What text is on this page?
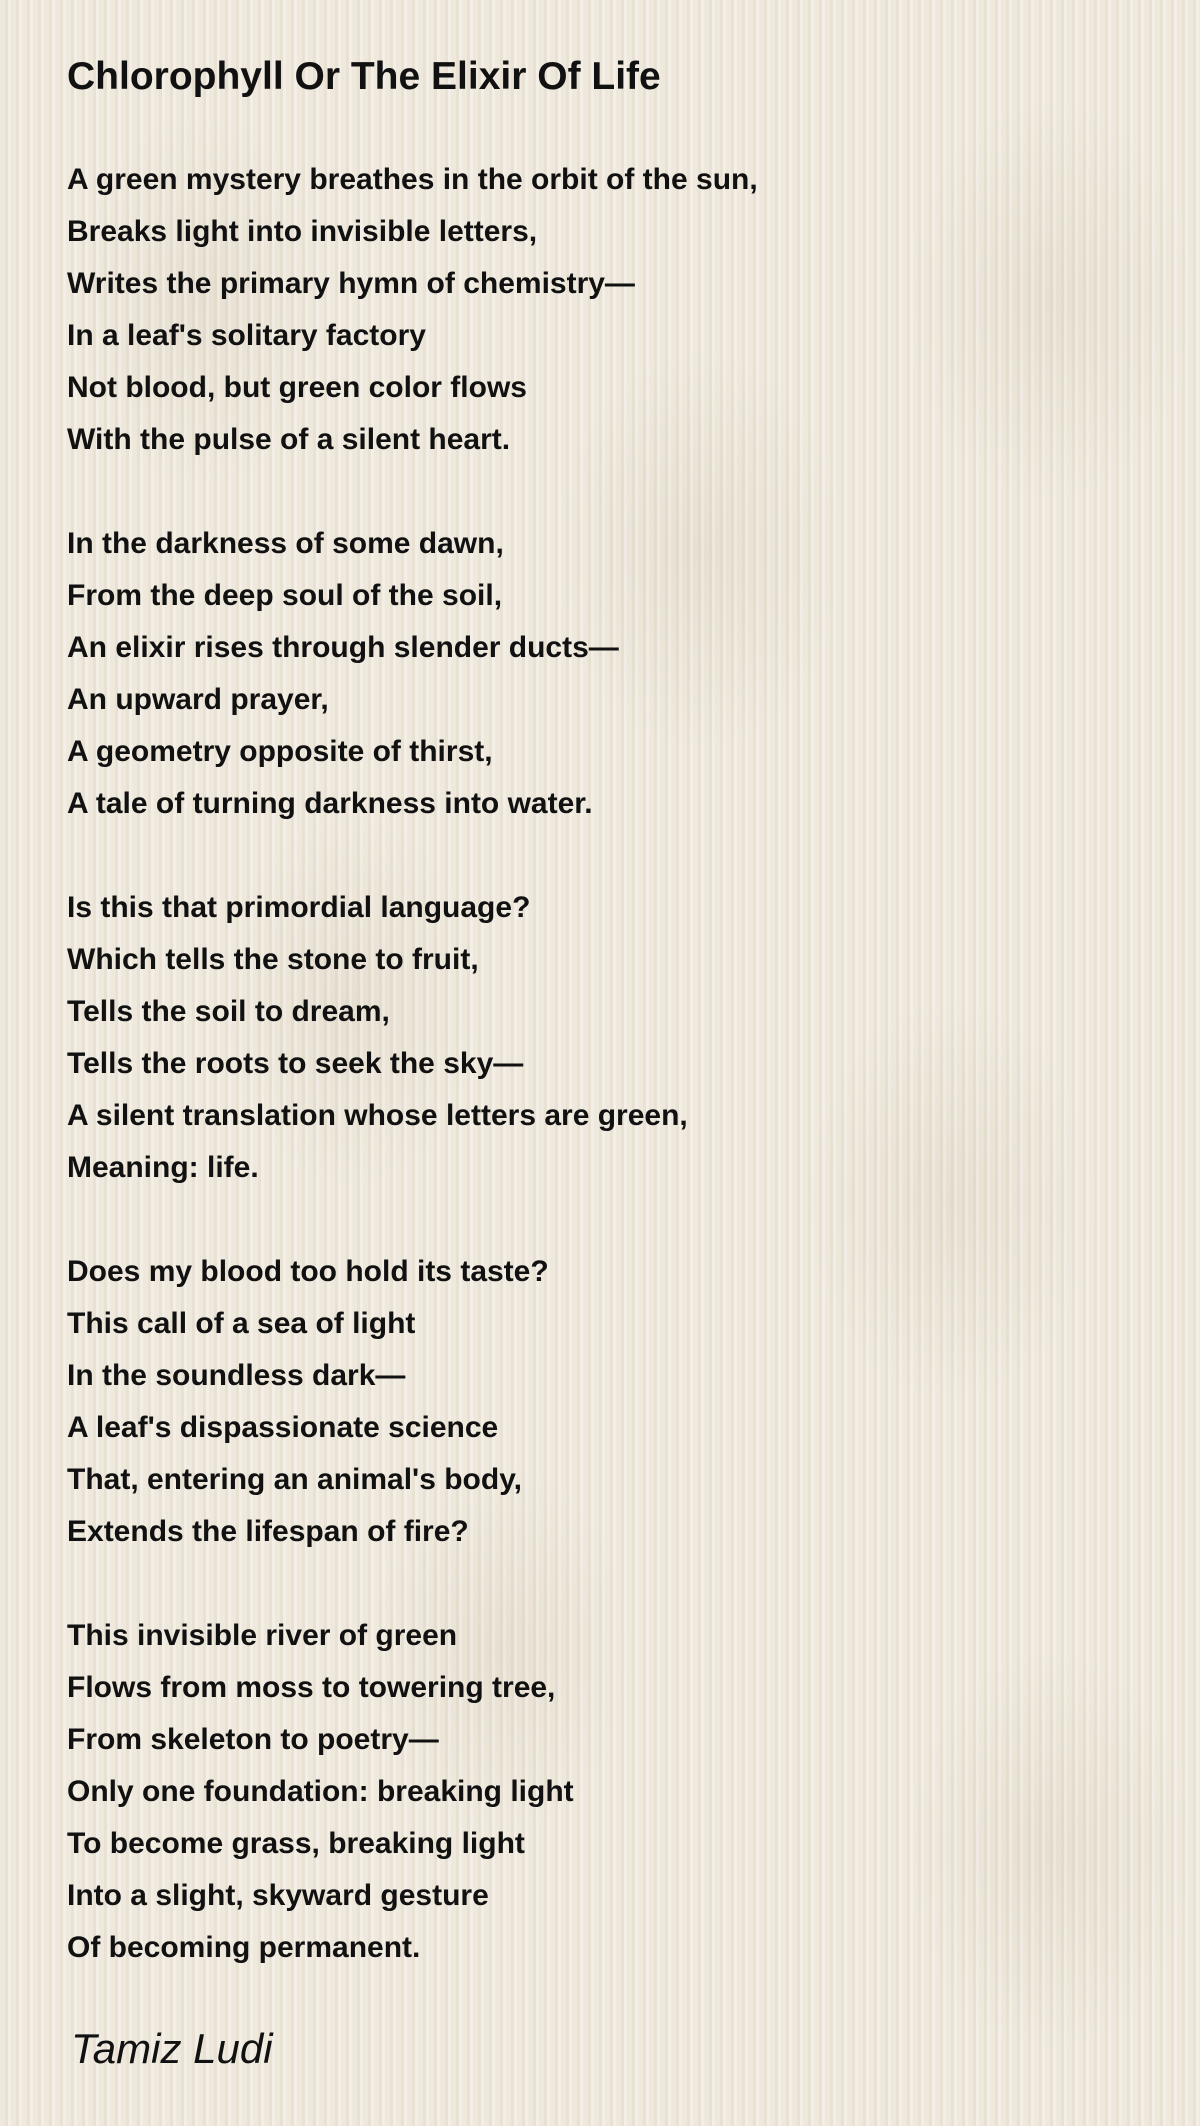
Chlorophyll Or The Elixir Of Life
A green mystery breathes in the orbit of the sun,
Breaks light into invisible letters,
Writes the primary hymn of chemistry—
In a leaf's solitary factory
Not blood, but green color flows
With the pulse of a silent heart.
In the darkness of some dawn,
From the deep soul of the soil,
An elixir rises through slender ducts—
An upward prayer,
A geometry opposite of thirst,
A tale of turning darkness into water.
Is this that primordial language?
Which tells the stone to fruit,
Tells the soil to dream,
Tells the roots to seek the sky—
A silent translation whose letters are green,
Meaning: life.
Does my blood too hold its taste?
This call of a sea of light
In the soundless dark—
A leaf's dispassionate science
That, entering an animal's body,
Extends the lifespan of fire?
This invisible river of green
Flows from moss to towering tree,
From skeleton to poetry—
Only one foundation: breaking light
To become grass, breaking light
Into a slight, skyward gesture
Of becoming permanent.
Tamiz Ludi
